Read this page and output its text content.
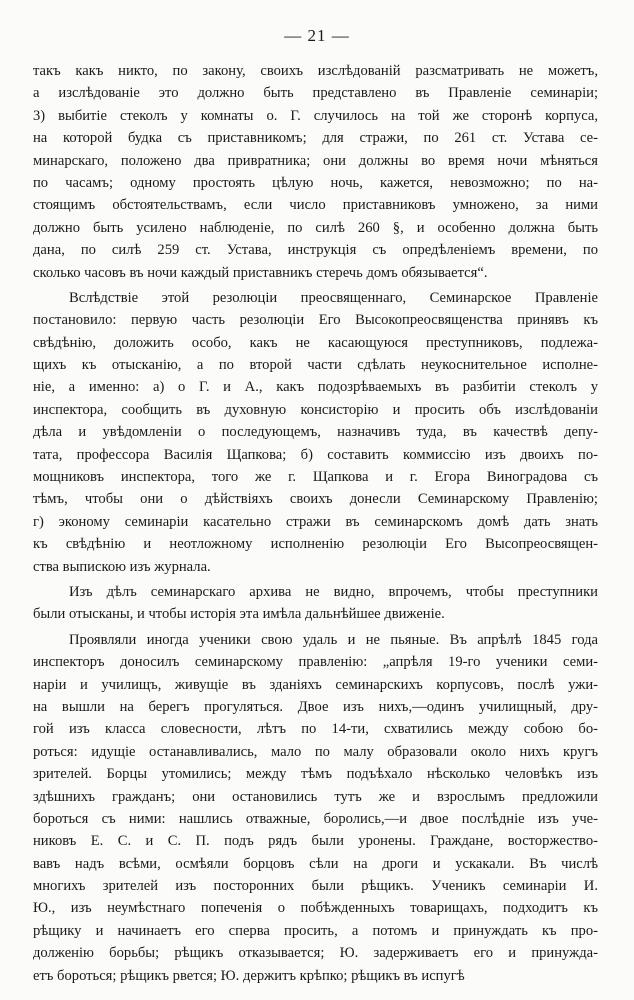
— 21 —
такъ какъ никто, по закону, своихъ изслѣдованій разсматривать не можетъ,
а изслѣдованіе это должно быть представлено въ Правленіе семинаріи;
3) выбитіе стеколъ у комнаты о. Г. случилось на той же сторонѣ корпуса,
на которой будка съ приставникомъ; для стражи, по 261 ст. Устава се-
минарскаго, положено два привратника; они должны во время ночи мѣняться
по часамъ; одному простоять цѣлую ночь, кажется, невозможно; по на-
стоящимъ обстоятельствамъ, если число приставниковъ умножено, за ними
должно быть усилено наблюденіе, по силѣ 260 §, и особенно должна быть
дана, по силѣ 259 ст. Устава, инструкція съ опредѣленіемъ времени, по
сколько часовъ въ ночи каждый приставникъ стеречь домъ обязывается“.
Вслѣдствіе этой резолюціи преосвященнаго, Семинарское Правленіе
постановило: первую часть резолюціи Его Высокопреосвященства принявъ къ
свѣдѣнію, доложить особо, какъ не касающуюся преступниковъ, подлежа-
щихъ къ отысканію, а по второй части сдѣлать неукоснительное исполне-
ніе, а именно: а) о Г. и А., какъ подозрѣваемыхъ въ разбитіи стеколъ у
инспектора, сообщить въ духовную консисторію и просить объ изслѣдованіи
дѣла и увѣдомленіи о последующемъ, назначивъ туда, въ качествѣ депу-
тата, профессора Василія Щапкова; б) составить коммиссію изъ двоихъ по-
мощниковъ инспектора, того же г. Щапкова и г. Егора Виноградова съ
тѣмъ, чтобы они о дѣйствіяхъ своихъ донесли Семинарскому Правленію;
г) эконому семинаріи касательно стражи въ семинарскомъ домѣ дать знать
къ свѣдѣнію и неотложному исполненію резолюціи Его Высопреосвящен-
ства выпискою изъ журнала.
Изъ дѣлъ семинарскаго архива не видно, впрочемъ, чтобы преступники
были отысканы, и чтобы исторія эта имѣла дальнѣйшее движеніе.
Проявляли иногда ученики свою удаль и не пьяные. Въ апрѣлѣ 1845 года
инспекторъ доносилъ семинарскому правленію: „апрѣля 19-го ученики семи-
наріи и училищъ, живущіе въ зданіяхъ семинарскихъ корпусовъ, послѣ ужи-
на вышли на берегъ прогуляться. Двое изъ нихъ,—одинъ училищный, дру-
гой изъ класса словесности, лѣтъ по 14-ти, схватились между собою бо-
роться: идущіе останавливались, мало по малу образовали около нихъ кругъ
зрителей. Борцы утомились; между тѣмъ подъѣхало нѣсколько человѣкъ изъ
здѣшнихъ гражданъ; они остановились тутъ же и взрослымъ предложили
бороться съ ними: нашлись отважные, боролись,—и двое послѣдніе изъ уче-
никовъ Е. С. и С. П. подъ рядъ были уронены. Граждане, восторжество-
вавъ надъ всѣми, осмѣяли борцовъ сѣли на дроги и ускакали. Въ числѣ
многихъ зрителей изъ посторонних были рѣщикъ. Ученикъ семинаріи И.
Ю., изъ неумѣстнаго попеченія о побѣжденныхъ товарищахъ, подходитъ къ
рѣщику и начинаетъ его сперва просить, а потомъ и принуждать къ про-
долженію борьбы; рѣщикъ отказывается; Ю. задерживаетъ его и принуждa-
етъ бороться; рѣщикъ рвется; Ю. держитъ крѣпко; рѣщикъ въ испугѣ
